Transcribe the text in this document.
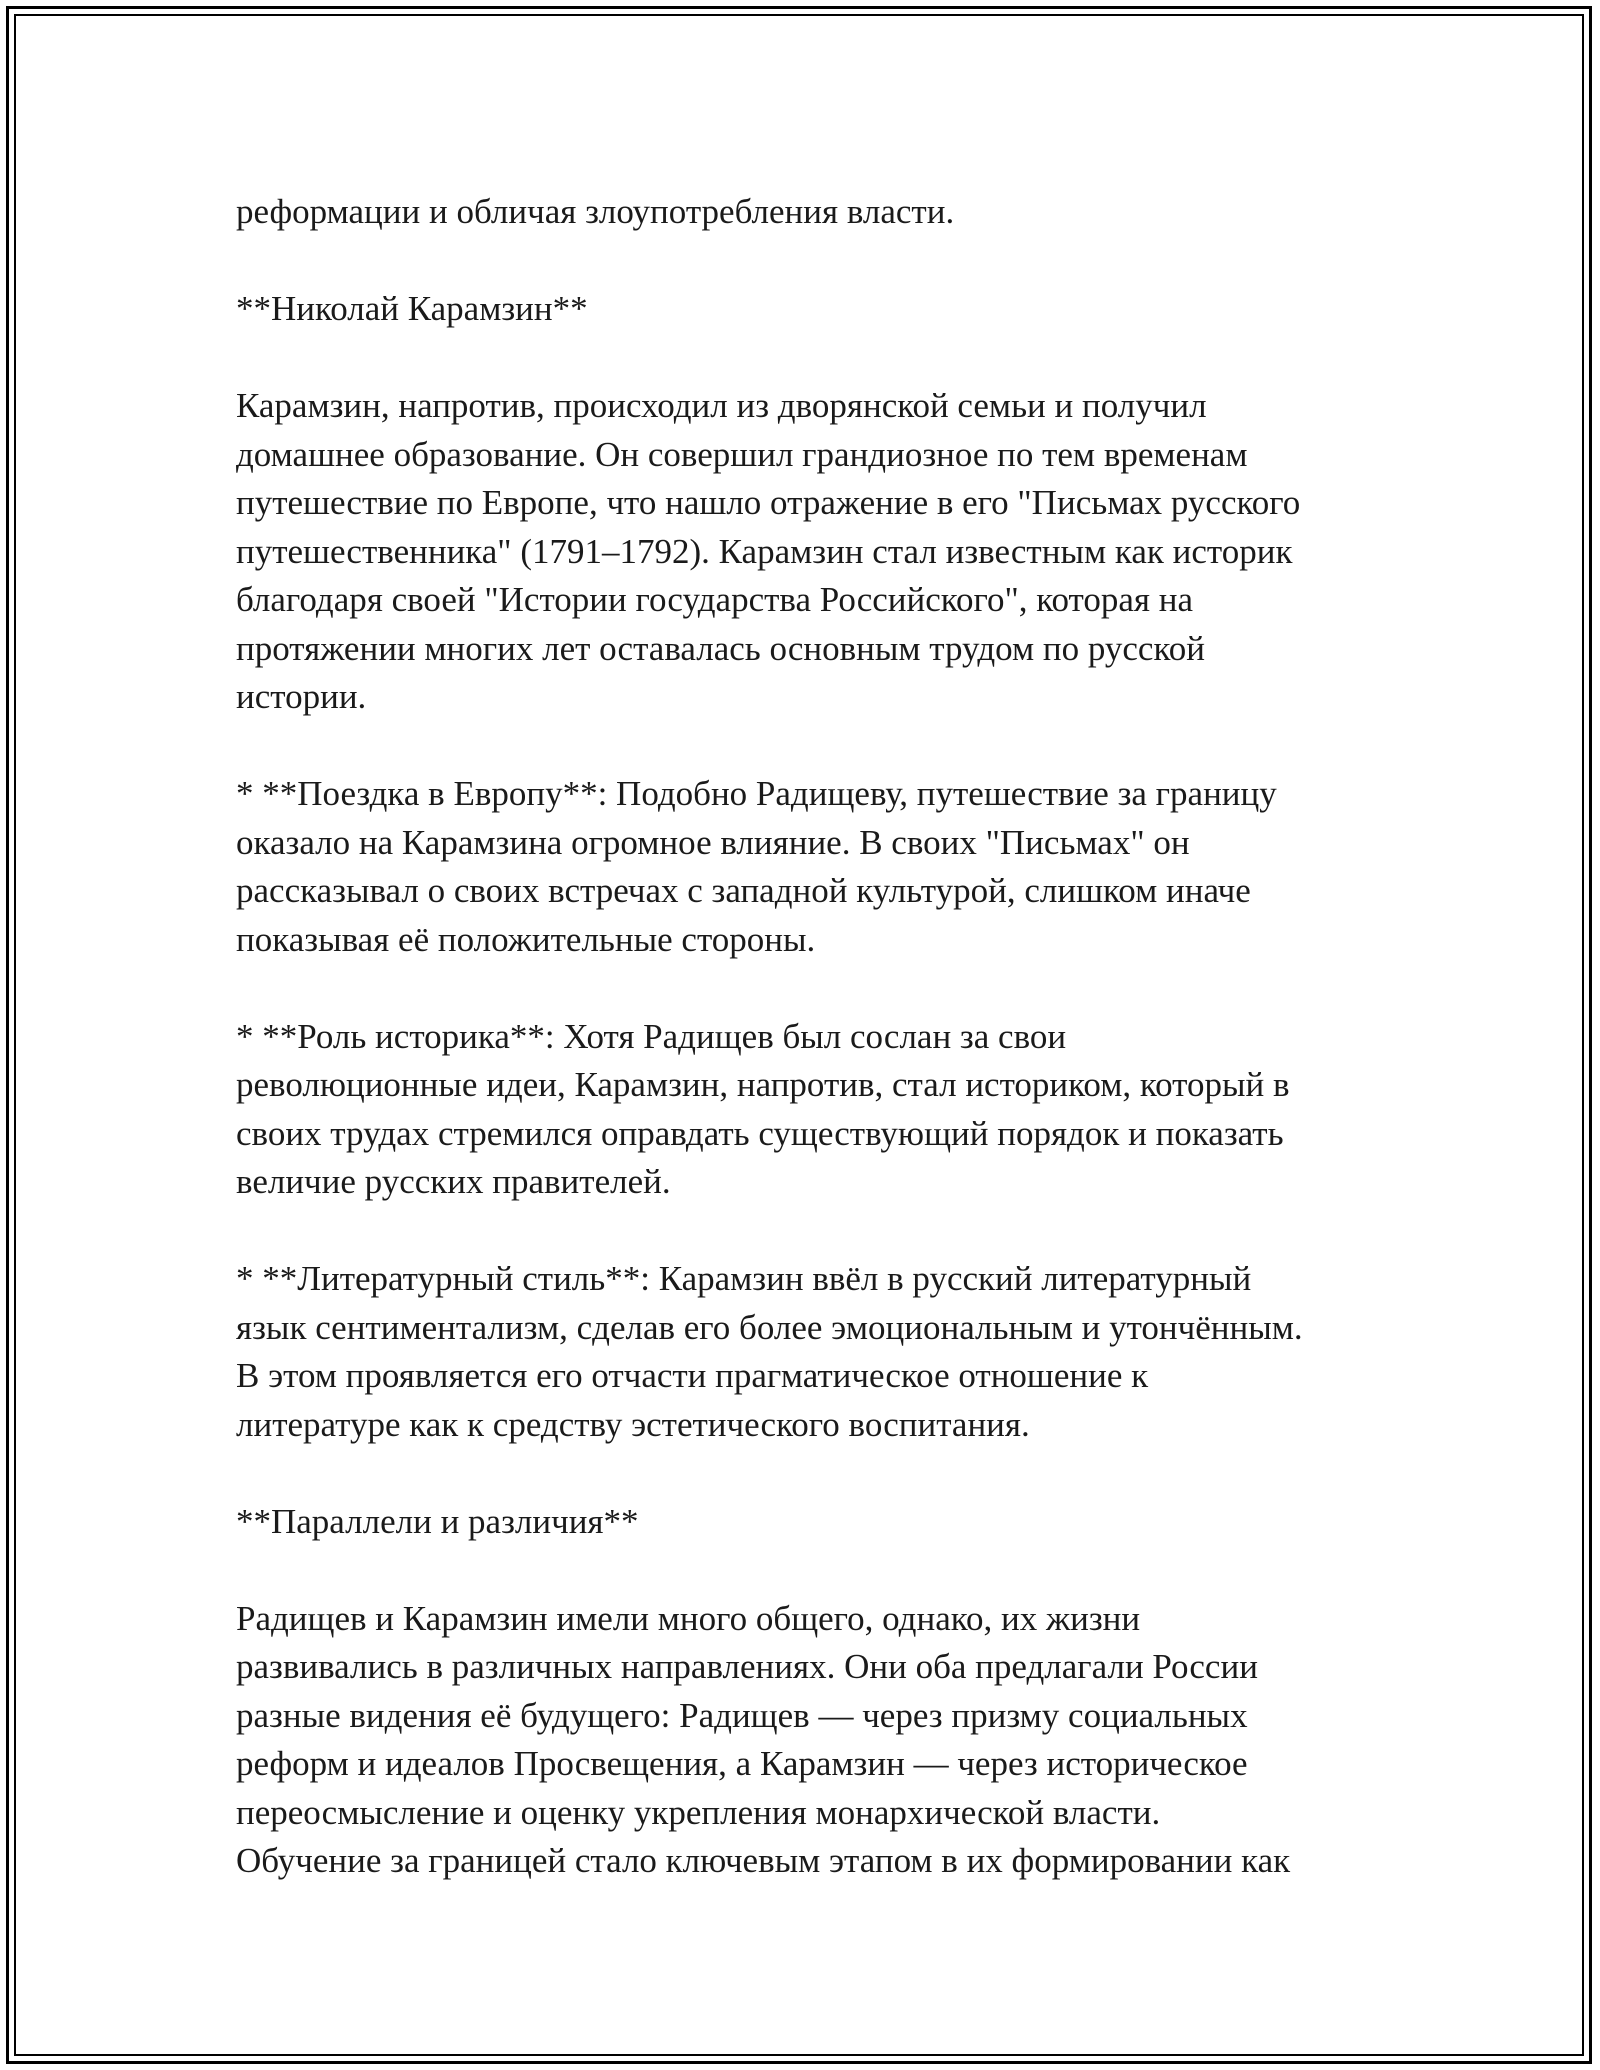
реформации и обличая злоупотребления власти.

**Николай Карамзин**

Карамзин, напротив, происходил из дворянской семьи и получил
домашнее образование. Он совершил грандиозное по тем временам
путешествие по Европе, что нашло отражение в его "Письмах русского
путешественника" (1791–1792). Карамзин стал известным как историк
благодаря своей "Истории государства Российского", которая на
протяжении многих лет оставалась основным трудом по русской
истории.

* **Поездка в Европу**: Подобно Радищеву, путешествие за границу
оказало на Карамзина огромное влияние. В своих "Письмах" он
рассказывал о своих встречах с западной культурой, слишком иначе
показывая её положительные стороны.

* **Роль историка**: Хотя Радищев был сослан за свои
революционные идеи, Карамзин, напротив, стал историком, который в
своих трудах стремился оправдать существующий порядок и показать
величие русских правителей.

* **Литературный стиль**: Карамзин ввёл в русский литературный
язык сентиментализм, сделав его более эмоциональным и утончённым.
В этом проявляется его отчасти прагматическое отношение к
литературе как к средству эстетического воспитания.

**Параллели и различия**

Радищев и Карамзин имели много общего, однако, их жизни
развивались в различных направлениях. Они оба предлагали России
разные видения её будущего: Радищев — через призму социальных
реформ и идеалов Просвещения, а Карамзин — через историческое
переосмысление и оценку укрепления монархической власти.
Обучение за границей стало ключевым этапом в их формировании как
